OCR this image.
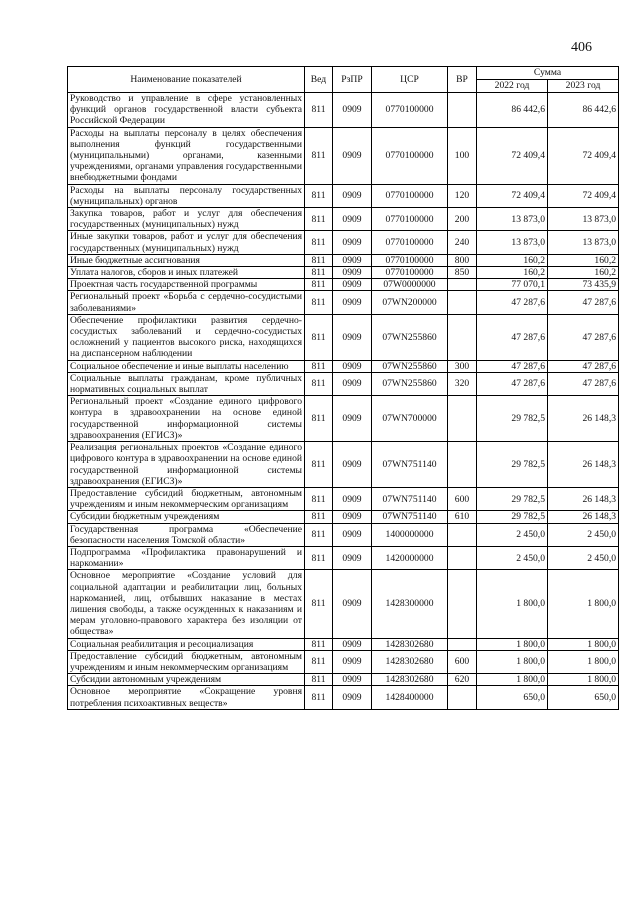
406
Наименование показателей	Вед	РзПР	ЦСР	ВР	Сумма	
					2022 год	2023 год
Руководство и управление в сфере установленных функций органов государственной власти субъекта Российской Федерации	811	0909	0770100000		86 442,6	86 442,6
Расходы на выплаты персоналу в целях обеспечения выполнения функций государственными (муниципальными) органами, казенными учреждениями, органами управления государственными внебюджетными фондами	811	0909	0770100000	100	72 409,4	72 409,4
Расходы на выплаты персоналу государственных (муниципальных) органов	811	0909	0770100000	120	72 409,4	72 409,4
Закупка товаров, работ и услуг для обеспечения государственных (муниципальных) нужд	811	0909	0770100000	200	13 873,0	13 873,0
Иные закупки товаров, работ и услуг для обеспечения государственных (муниципальных) нужд	811	0909	0770100000	240	13 873,0	13 873,0
Иные бюджетные ассигнования	811	0909	0770100000	800	160,2	160,2
Уплата налогов, сборов и иных платежей	811	0909	0770100000	850	160,2	160,2
Проектная часть государственной программы	811	0909	07W0000000		77 070,1	73 435,9
Региональный проект «Борьба с сердечно-сосудистыми заболеваниями»	811	0909	07WN200000		47 287,6	47 287,6
Обеспечение профилактики развития сердечно-сосудистых заболеваний и сердечно-сосудистых осложнений у пациентов высокого риска, находящихся на диспансерном наблюдении	811	0909	07WN255860		47 287,6	47 287,6
Социальное обеспечение и иные выплаты населению	811	0909	07WN255860	300	47 287,6	47 287,6
Социальные выплаты гражданам, кроме публичных нормативных социальных выплат	811	0909	07WN255860	320	47 287,6	47 287,6
Региональный проект «Создание единого цифрового контура в здравоохранении на основе единой государственной информационной системы здравоохранения (ЕГИСЗ)»	811	0909	07WN700000		29 782,5	26 148,3
Реализация региональных проектов «Создание единого цифрового контура в здравоохранении на основе единой государственной информационной системы здравоохранения (ЕГИСЗ)»	811	0909	07WN751140		29 782,5	26 148,3
Предоставление субсидий бюджетным, автономным учреждениям и иным некоммерческим организациям	811	0909	07WN751140	600	29 782,5	26 148,3
Субсидии бюджетным учреждениям	811	0909	07WN751140	610	29 782,5	26 148,3
Государственная программа «Обеспечение безопасности населения Томской области»	811	0909	1400000000		2 450,0	2 450,0
Подпрограмма «Профилактика правонарушений и наркомании»	811	0909	1420000000		2 450,0	2 450,0
Основное мероприятие «Создание условий для социальной адаптации и реабилитации лиц, больных наркоманией, лиц, отбывших наказание в местах лишения свободы, а также осужденных к наказаниям и мерам уголовно-правового характера без изоляции от общества»	811	0909	1428300000		1 800,0	1 800,0
Социальная реабилитация и ресоциализация	811	0909	1428302680		1 800,0	1 800,0
Предоставление субсидий бюджетным, автономным учреждениям и иным некоммерческим организациям	811	0909	1428302680	600	1 800,0	1 800,0
Субсидии автономным учреждениям	811	0909	1428302680	620	1 800,0	1 800,0
Основное мероприятие «Сокращение уровня потребления психоактивных веществ»	811	0909	1428400000		650,0	650,0
